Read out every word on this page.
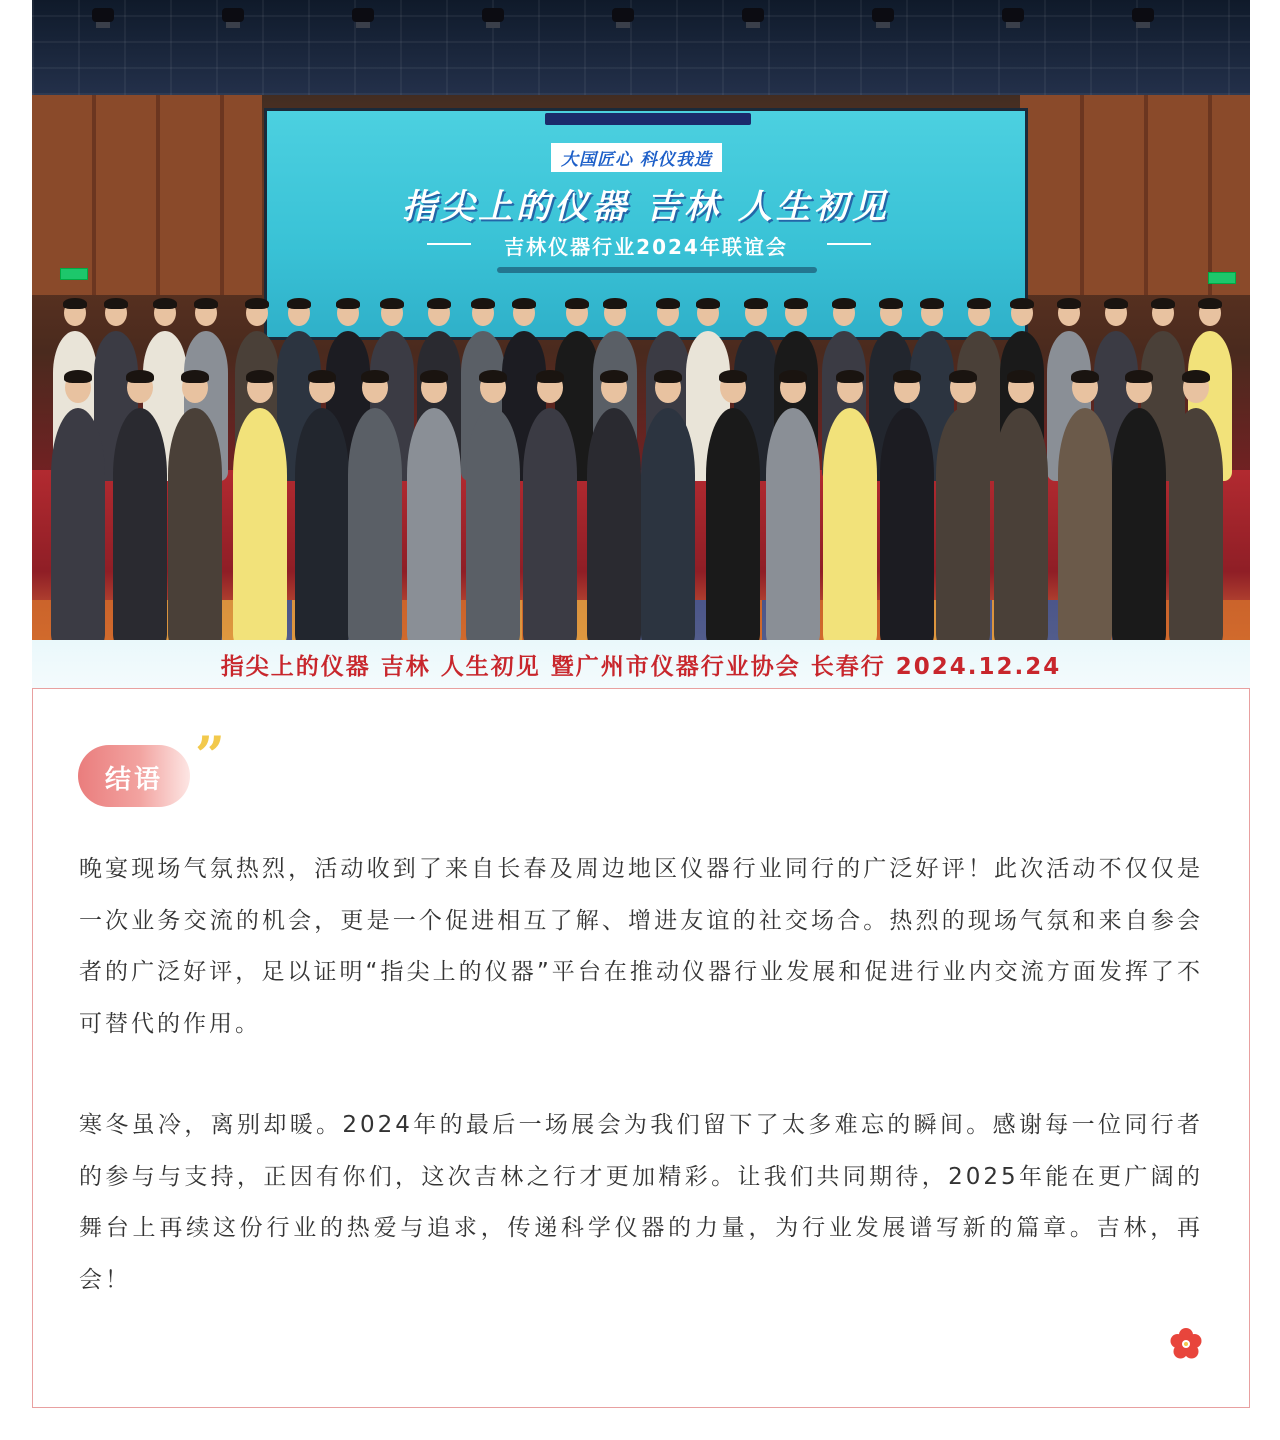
大国匠心 科仪我造
指尖上的仪器 吉林 人生初见
吉林仪器行业2024年联谊会
指尖上的仪器 吉林 人生初见 暨广州市仪器行业协会 长春行 2024.12.24
结语 ”

晚宴现场气氛热烈，活动收到了来自长春及周边地区仪器行业同行的广泛好评！此次活动不仅仅是一次业务交流的机会，更是一个促进相互了解、增进友谊的社交场合。热烈的现场气氛和来自参会者的广泛好评，足以证明“指尖上的仪器”平台在推动仪器行业发展和促进行业内交流方面发挥了不可替代的作用。

寒冬虽冷，离别却暖。2024年的最后一场展会为我们留下了太多难忘的瞬间。感谢每一位同行者的参与与支持，正因有你们，这次吉林之行才更加精彩。让我们共同期待，2025年能在更广阔的舞台上再续这份行业的热爱与追求，传递科学仪器的力量，为行业发展谱写新的篇章。吉林，再会！
